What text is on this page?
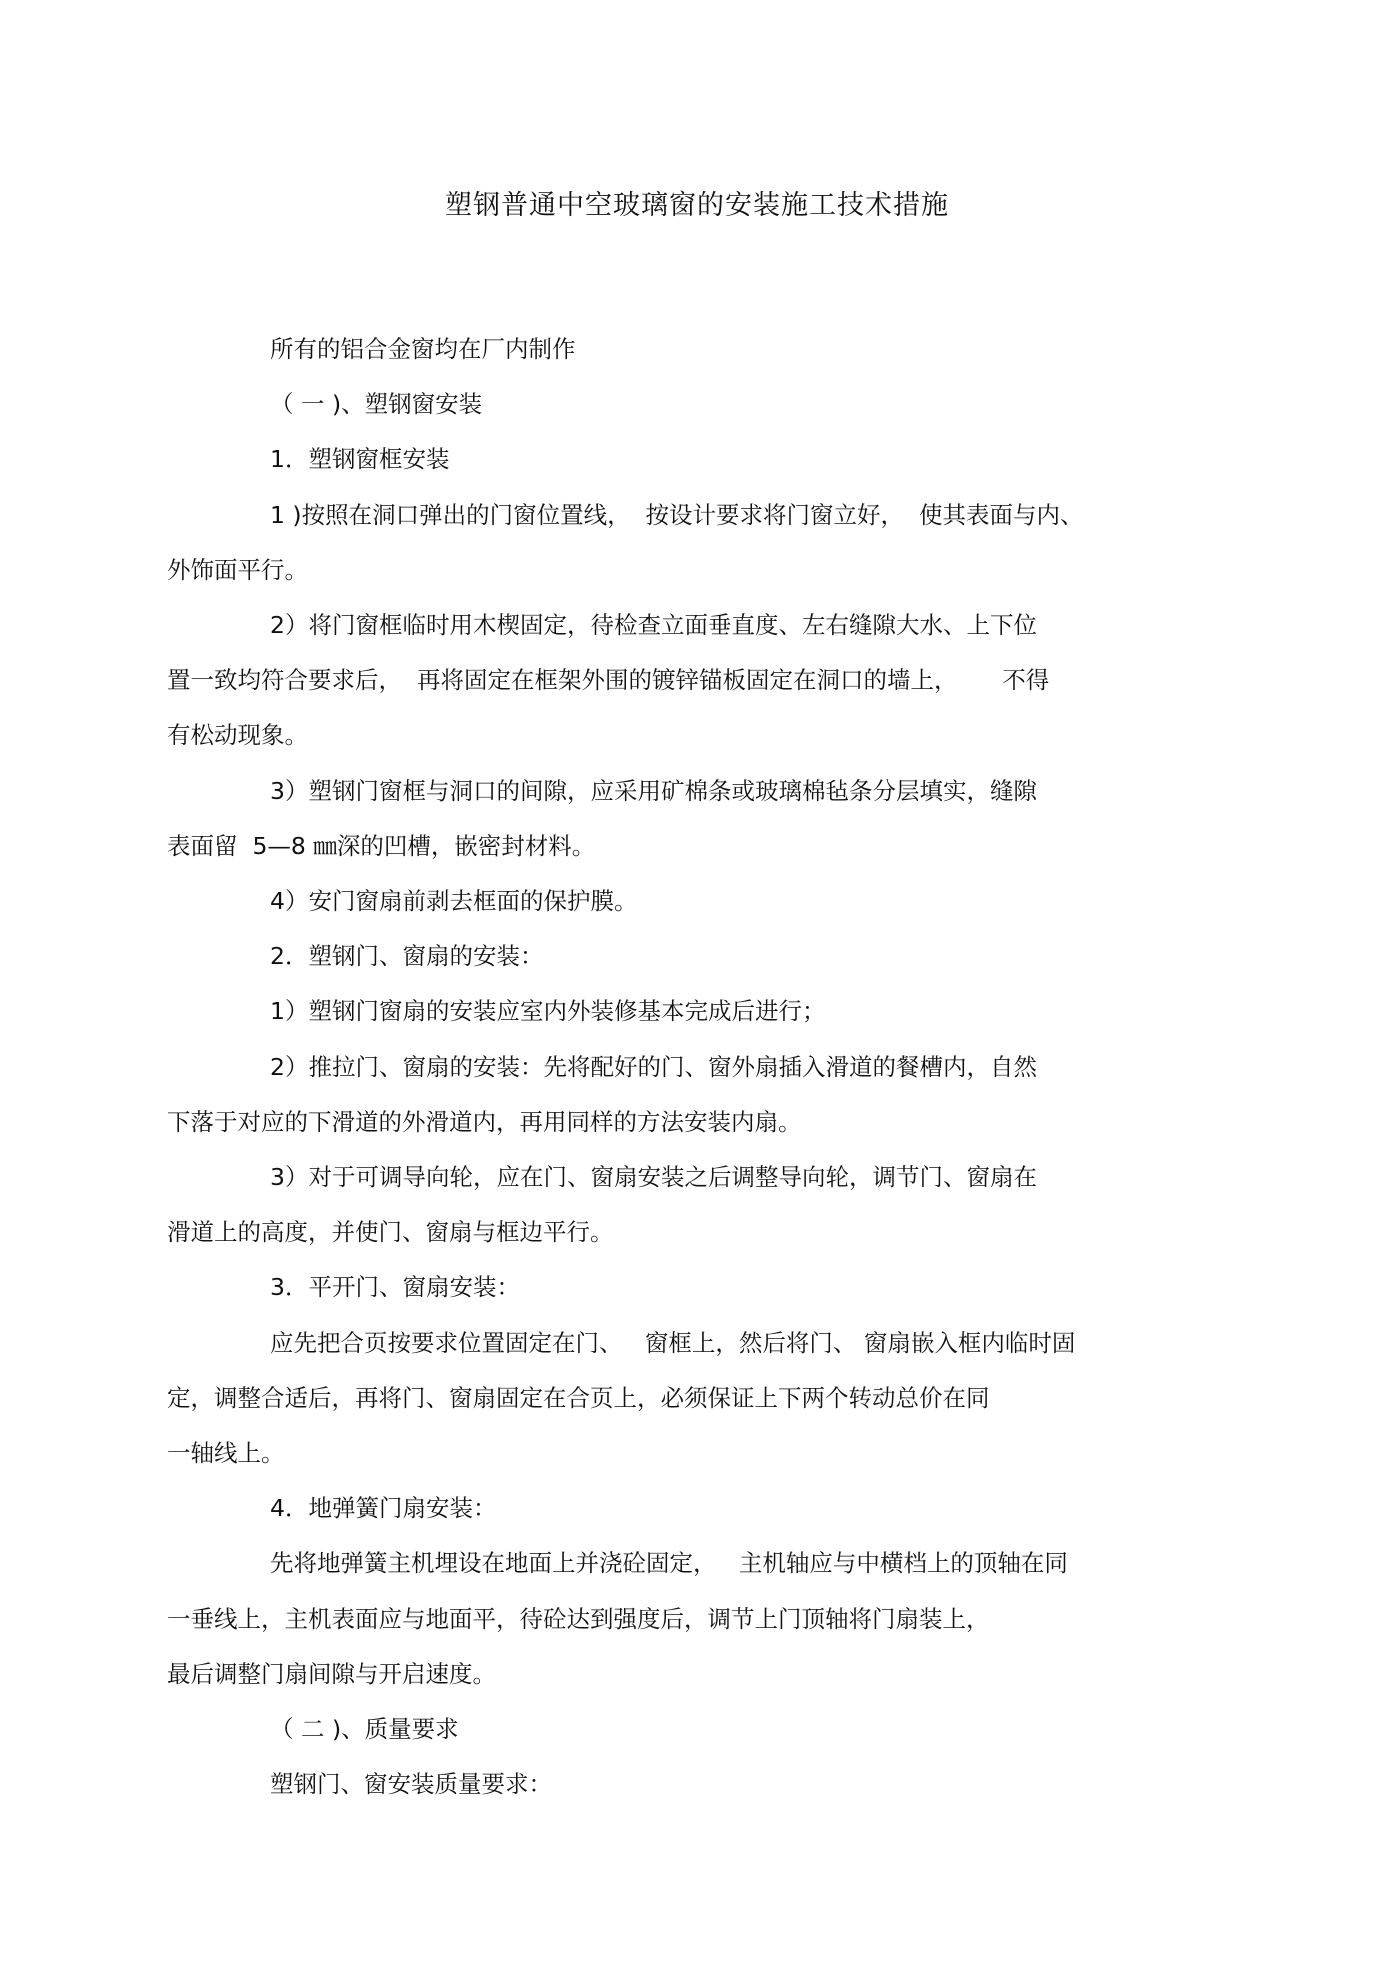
塑钢普通中空玻璃窗的安装施工技术措施

所有的铝合金窗均在厂内制作

（ 一 )、塑钢窗安装

1．塑钢窗框安装

1 )按照在洞口弹出的门窗位置线，  按设计要求将门窗立好，  使其表面与内、

外饰面平行。

2）将门窗框临时用木楔固定，待检查立面垂直度、左右缝隙大水、上下位

置一致均符合要求后，  再将固定在框架外围的镀锌锚板固定在洞口的墙上，      不得

有松动现象。

3）塑钢门窗框与洞口的间隙，应采用矿棉条或玻璃棉毡条分层填实，缝隙

表面留  5—8 ㎜深的凹槽，嵌密封材料。

4）安门窗扇前剥去框面的保护膜。

2．塑钢门、窗扇的安装：

1）塑钢门窗扇的安装应室内外装修基本完成后进行；

2）推拉门、窗扇的安装：先将配好的门、窗外扇插入滑道的餐槽内，自然

下落于对应的下滑道的外滑道内，再用同样的方法安装内扇。

3）对于可调导向轮，应在门、窗扇安装之后调整导向轮，调节门、窗扇在

滑道上的高度，并使门、窗扇与框边平行。

3．平开门、窗扇安装：

应先把合页按要求位置固定在门、   窗框上，然后将门、 窗扇嵌入框内临时固

定，调整合适后，再将门、窗扇固定在合页上，必须保证上下两个转动总价在同

一轴线上。

4．地弹簧门扇安装：

先将地弹簧主机埋设在地面上并浇砼固定，   主机轴应与中横档上的顶轴在同

一垂线上，主机表面应与地面平，待砼达到强度后，调节上门顶轴将门扇装上，

最后调整门扇间隙与开启速度。

（ 二 )、质量要求

塑钢门、窗安装质量要求：
